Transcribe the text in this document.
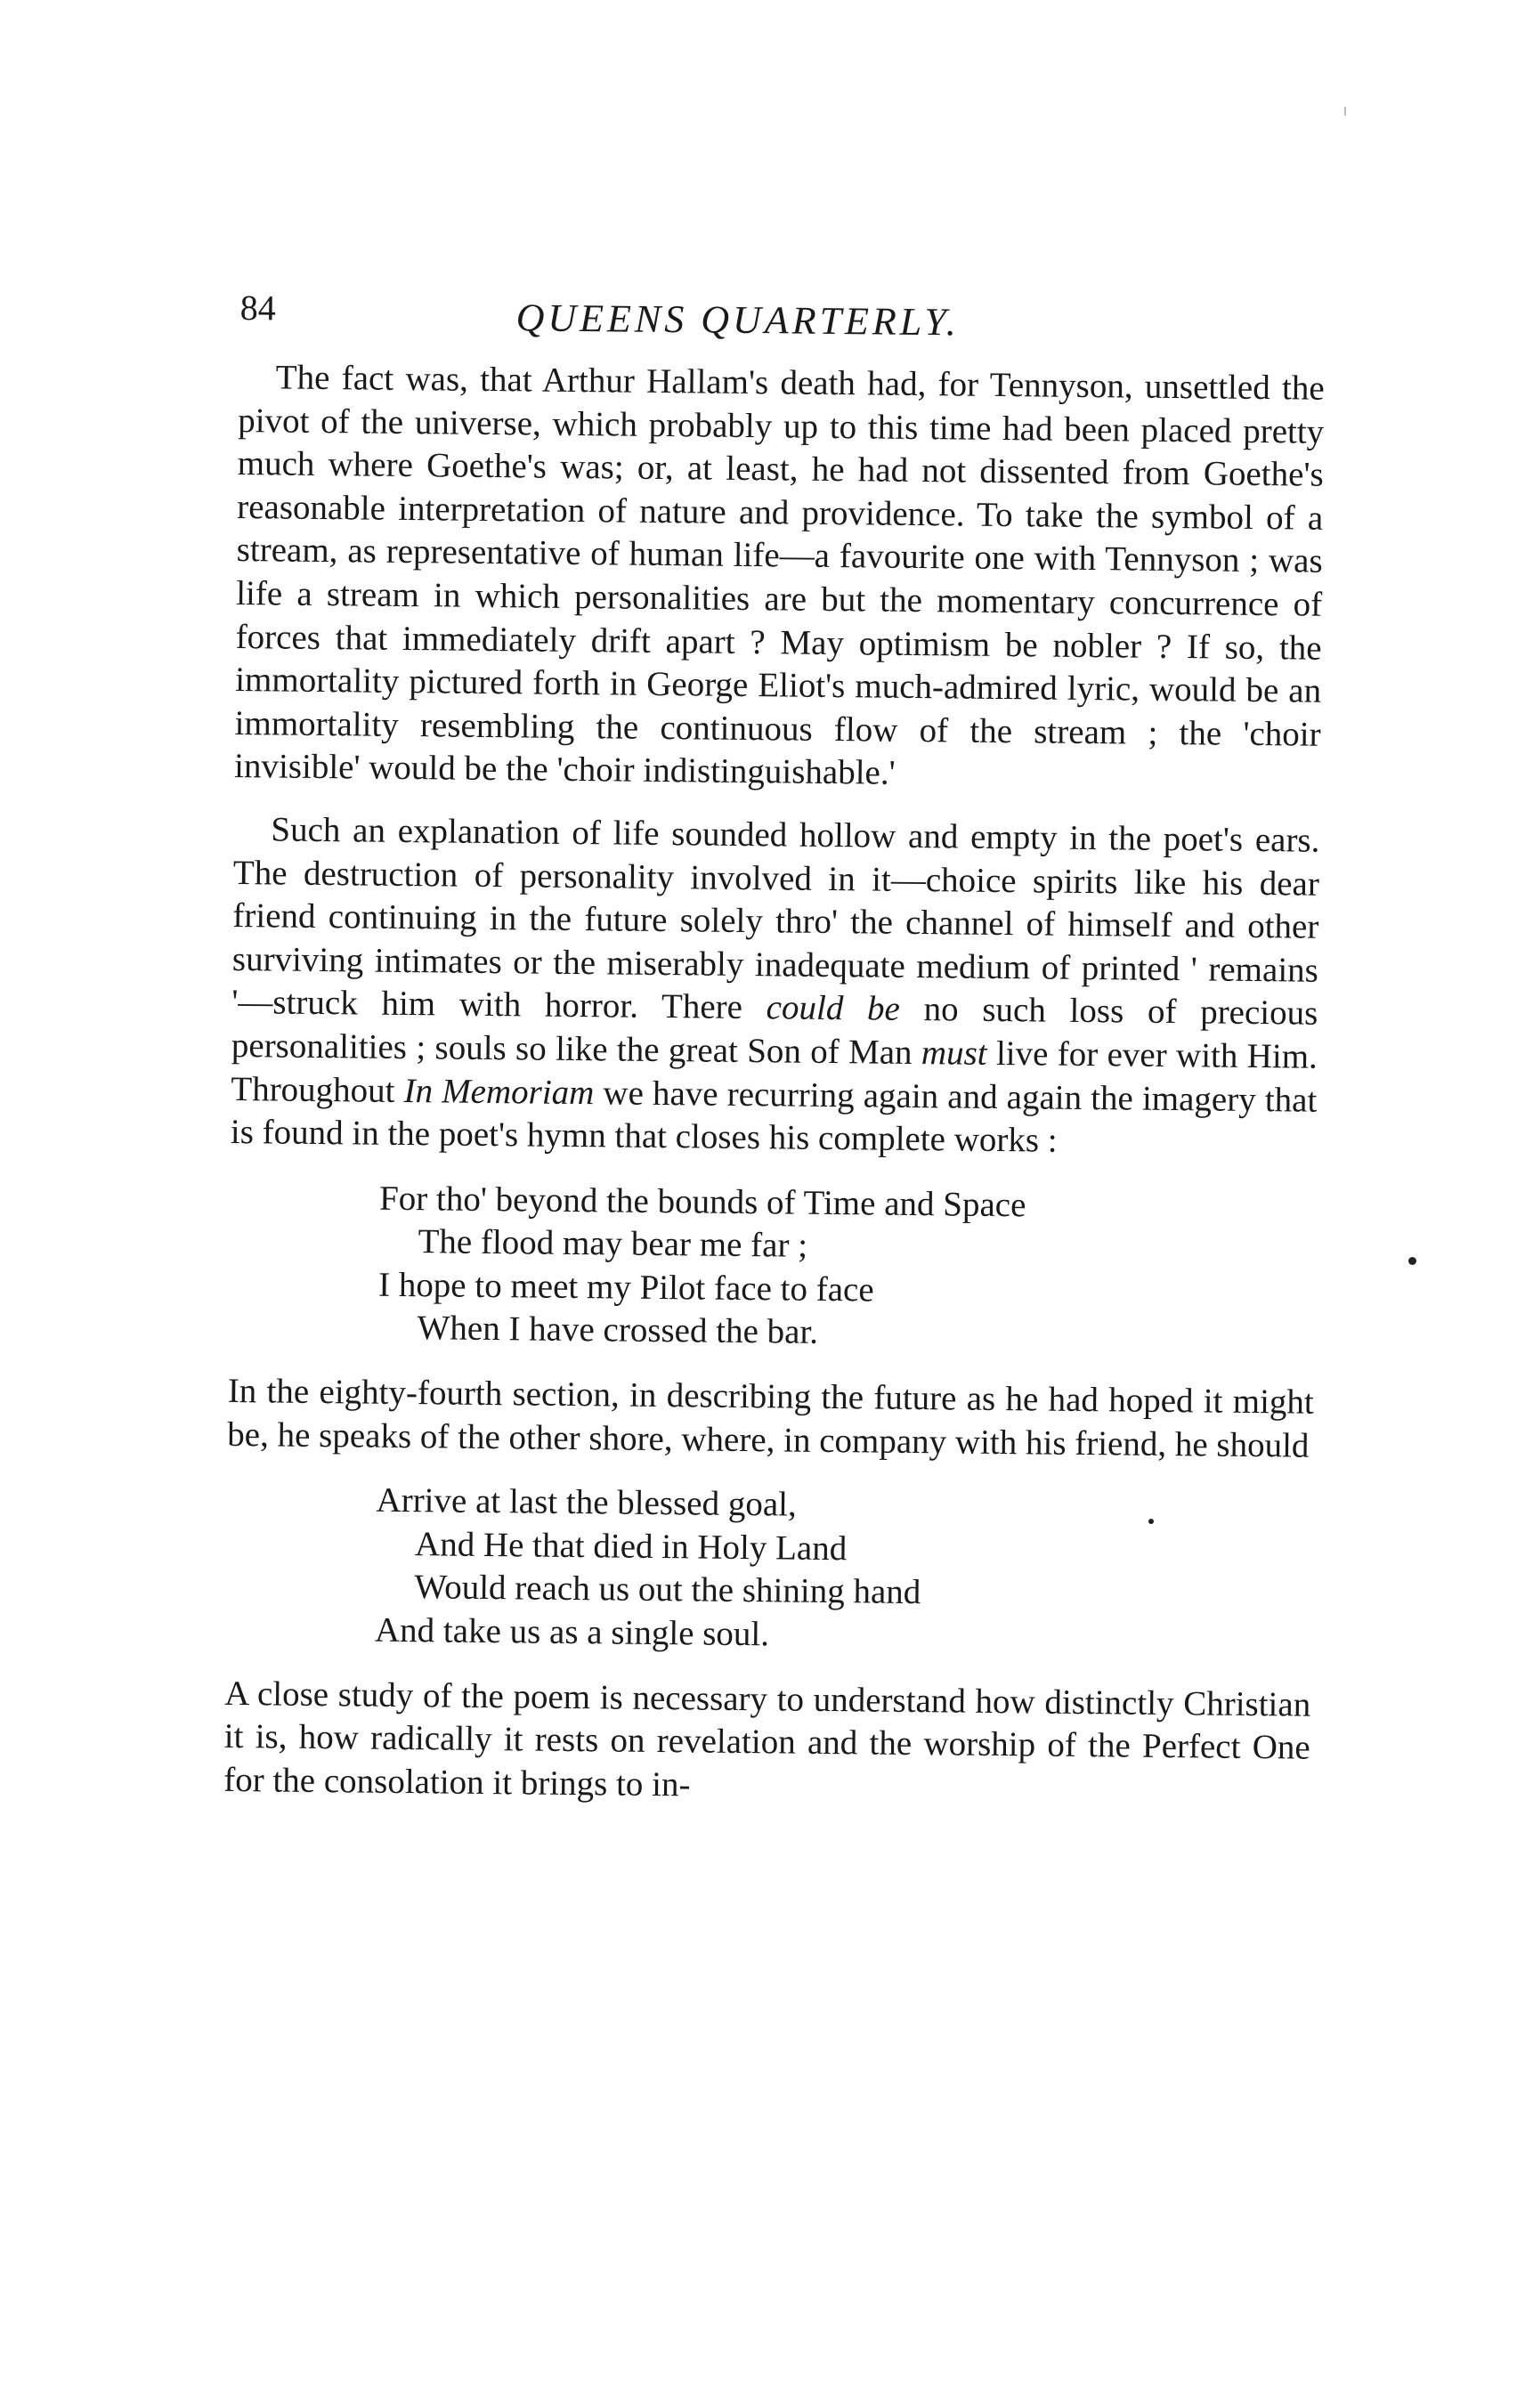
84	QUEENS QUARTERLY.

The fact was, that Arthur Hallam's death had, for Tennyson, unsettled the pivot of the universe, which probably up to this time had been placed pretty much where Goethe's was; or, at least, he had not dissented from Goethe's reasonable interpretation of nature and providence. To take the symbol of a stream, as representative of human life—a favourite one with Tennyson ; was life a stream in which personalities are but the momentary concurrence of forces that immediately drift apart ? May optimism be nobler ? If so, the immortality pictured forth in George Eliot's much-admired lyric, would be an immortality resembling the continuous flow of the stream ; the 'choir invisible' would be the 'choir indistinguishable.'

Such an explanation of life sounded hollow and empty in the poet's ears. The destruction of personality involved in it—choice spirits like his dear friend continuing in the future solely thro' the channel of himself and other surviving intimates or the miserably inadequate medium of printed ' remains '—struck him with horror. There could be no such loss of precious personalities ; souls so like the great Son of Man must live for ever with Him. Throughout In Memoriam we have recurring again and again the imagery that is found in the poet's hymn that closes his complete works :

For tho' beyond the bounds of Time and Space
The flood may bear me far ;
I hope to meet my Pilot face to face
When I have crossed the bar.

In the eighty-fourth section, in describing the future as he had hoped it might be, he speaks of the other shore, where, in company with his friend, he should

Arrive at last the blessed goal,
And He that died in Holy Land
Would reach us out the shining hand
And take us as a single soul.

A close study of the poem is necessary to understand how distinctly Christian it is, how radically it rests on revelation and the worship of the Perfect One for the consolation it brings to in-
